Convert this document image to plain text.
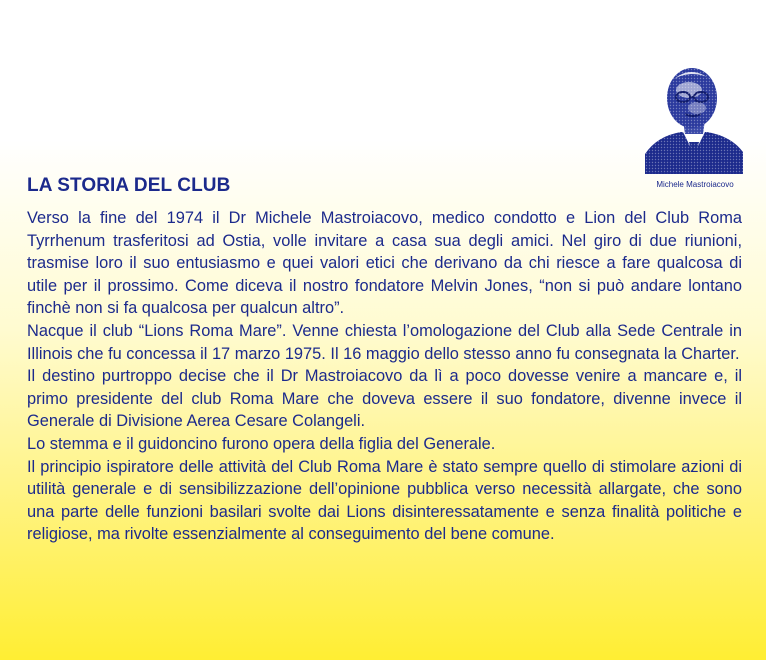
Michele Mastroiacovo
LA STORIA DEL CLUB

Verso la fine del 1974 il Dr Michele Mastroiacovo, medico condotto e Lion del Club Roma Tyrrhenum trasferitosi ad Ostia, volle invitare a casa sua degli amici. Nel giro di due riunioni, trasmise loro il suo entusiasmo e quei valori etici che derivano da chi riesce a fare qualcosa di utile per il prossimo. Come diceva il nostro fondatore Melvin Jones, “non si può andare lontano finchè non si fa qualcosa per qualcun altro”.

Nacque il club “Lions Roma Mare”. Venne chiesta l’omologazione del Club alla Sede Centrale in Illinois che fu concessa il 17 marzo 1975. Il 16 maggio dello stesso anno fu consegnata la Charter.

Il destino purtroppo decise che il Dr Mastroiacovo da lì a poco dovesse venire a mancare e, il primo presidente del club Roma Mare che doveva essere il suo fondatore, divenne invece il Generale di Divisione Aerea Cesare Colangeli.

Lo stemma e il guidoncino furono opera della figlia del Generale.

Il principio ispiratore delle attività del Club Roma Mare è stato sempre quello di stimolare azioni di utilità generale e di sensibilizzazione dell’opinione pubblica verso necessità allargate, che sono una parte delle funzioni basilari svolte dai Lions disinteressatamente e senza finalità politiche e religiose, ma rivolte essenzialmente al conseguimento del bene comune.
